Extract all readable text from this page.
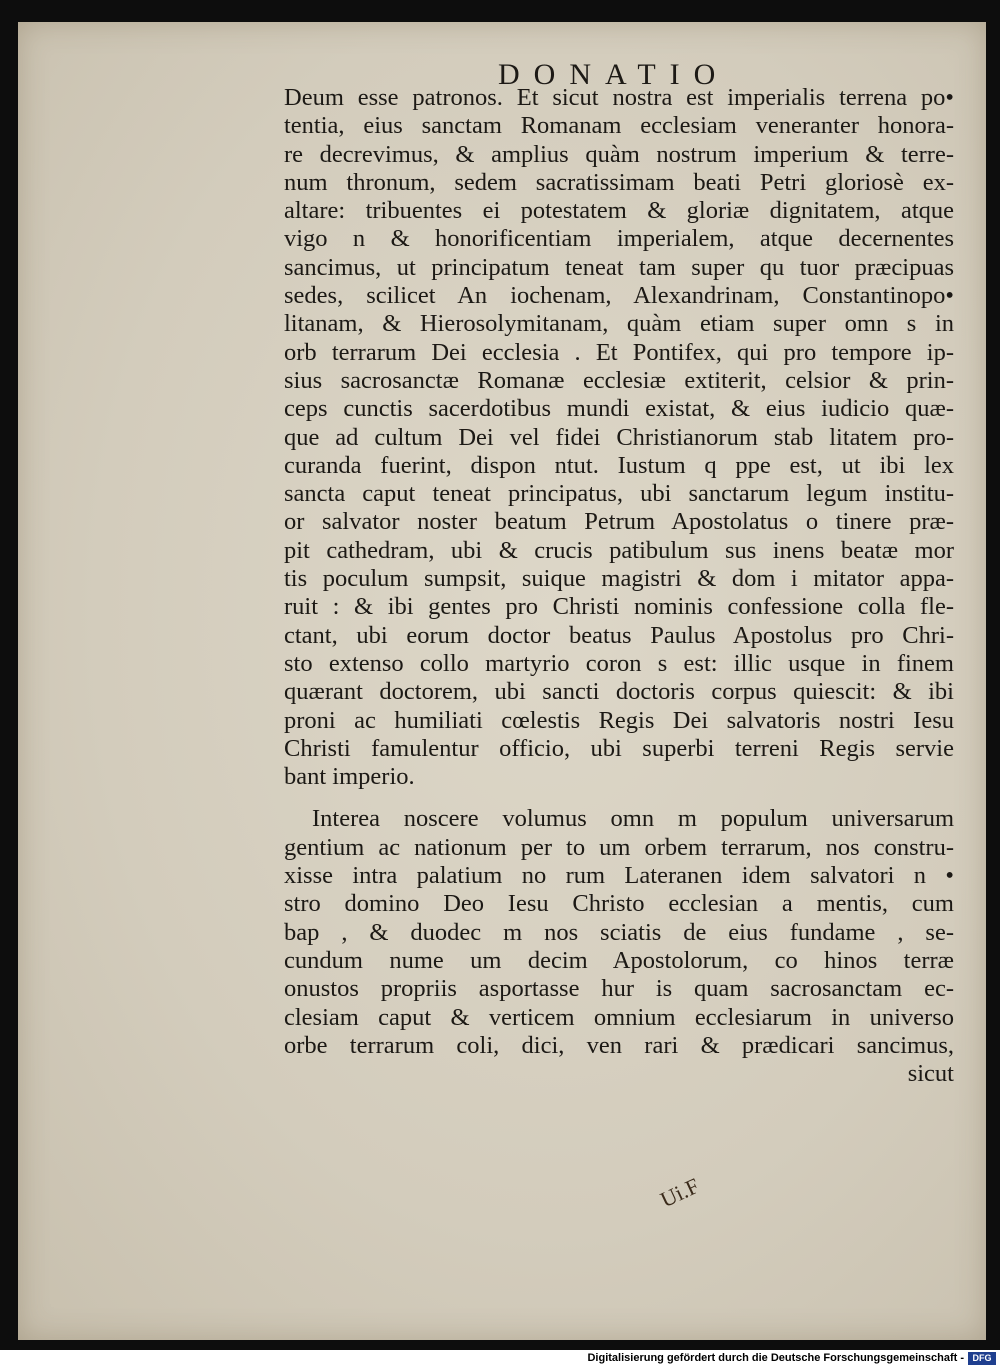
DONATIO
Deum esse patronos. Et sicut nostra est imperialis terrena po•
tentia, eius sanctam Romanam ecclesiam veneranter honora-
re decrevimus, & amplius quàm nostrum imperium & terre-
num thronum, sedem sacratissimam beati Petri gloriosè ex-
altare: tribuentes ei potestatem & gloriæ dignitatem, atque
vigo n & honorificentiam imperialem, atque decernentes
sancimus, ut principatum teneat tam super qu tuor præcipuas
sedes, scilicet An iochenam, Alexandrinam, Constantinopo•
litanam, & Hierosolymitanam, quàm etiam super omn s in
orb terrarum Dei ecclesia . Et Pontifex, qui pro tempore ip-
sius sacrosanctæ Romanæ ecclesiæ extiterit, celsior & prin-
ceps cunctis sacerdotibus mundi existat, & eius iudicio quæ-
que ad cultum Dei vel fidei Christianorum stab litatem pro-
curanda fuerint, dispon ntut. Iustum q ppe est, ut ibi lex
sancta caput teneat principatus, ubi sanctarum legum institu-
or salvator noster beatum Petrum Apostolatus o tinere præ-
pit cathedram, ubi & crucis patibulum sus inens beatæ mor
tis poculum sumpsit, suique magistri & dom i mitator appa-
ruit : & ibi gentes pro Christi nominis confessione colla fle-
ctant, ubi eorum doctor beatus Paulus Apostolus pro Chri-
sto extenso collo martyrio coron s est: illic usque in finem
quærant doctorem, ubi sancti doctoris corpus quiescit: & ibi
proni ac humiliati cœlestis Regis Dei salvatoris nostri Iesu
Christi famulentur officio, ubi superbi terreni Regis servie
bant imperio.
Interea noscere volumus omn m populum universarum
gentium ac nationum per to um orbem terrarum, nos constru-
xisse intra palatium no rum Lateranen idem salvatori n •
stro domino Deo Iesu Christo ecclesian a mentis, cum
bap , & duodec m nos sciatis de eius fundame , se-
cundum nume um decim Apostolorum, co hinos terræ
onustos propriis asportasse hur is quam sacrosanctam ec-
clesiam caput & verticem omnium ecclesiarum in universo
orbe terrarum coli, dici, ven rari & prædicari sancimus,
sicut
Ui.F
Digitalisierung gefördert durch die Deutsche Forschungsgemeinschaft - DFG
